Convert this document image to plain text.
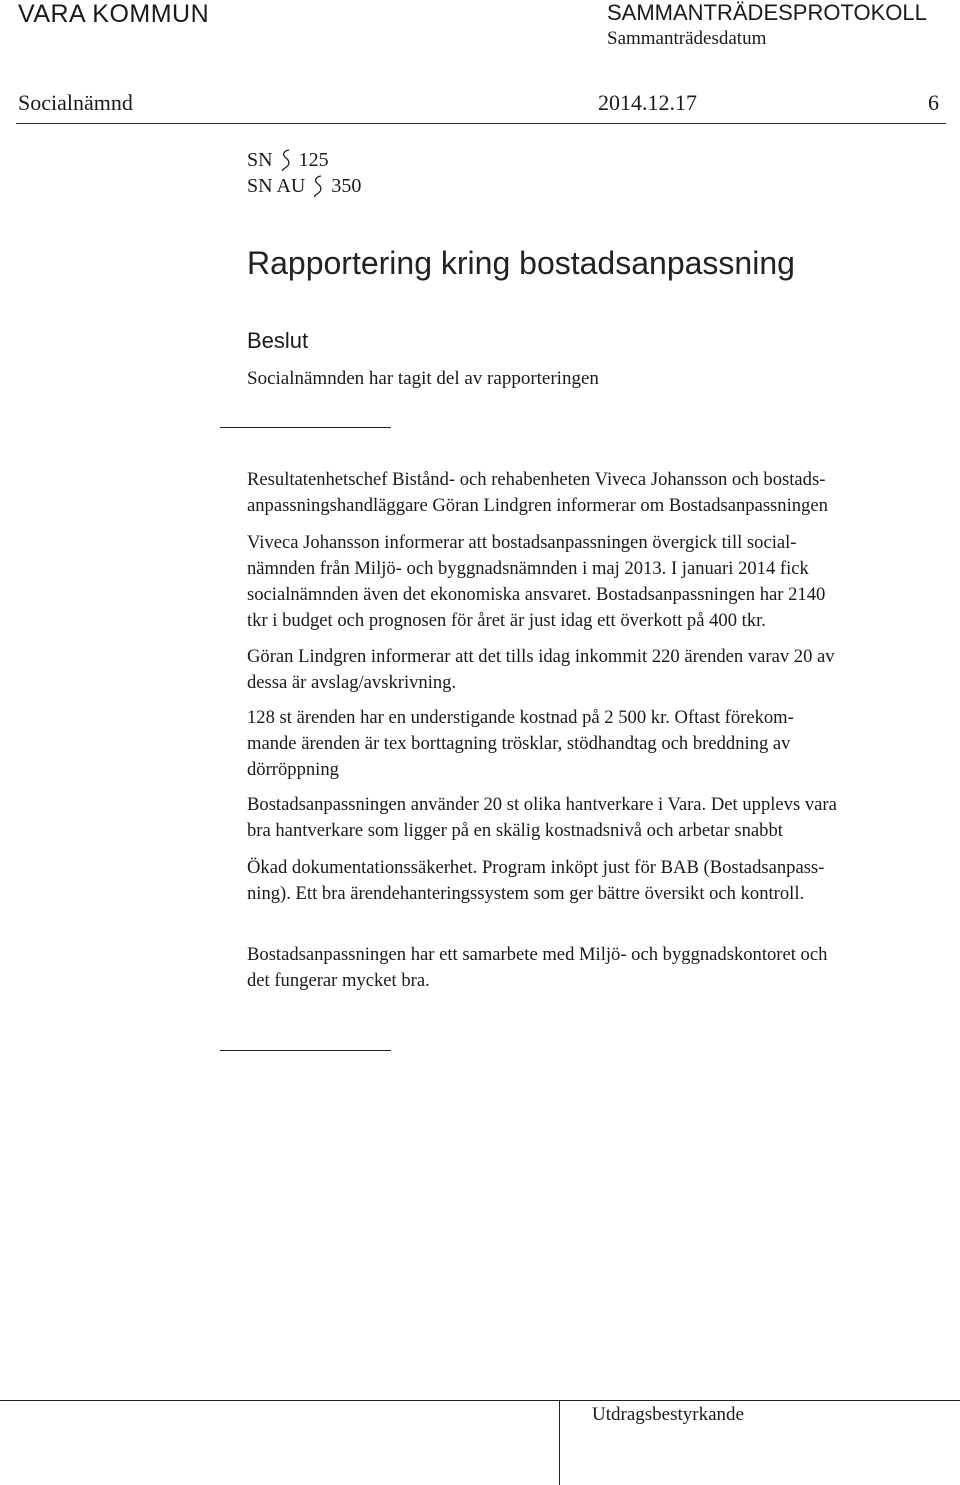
VARA KOMMUN	SAMMANTRÄDESPROTOKOLL
Sammanträdesdatum
Socialnämnd	2014.12.17	6
SN 125
SN AU 350
Rapportering kring bostadsanpassning
Beslut
Socialnämnden har tagit del av rapporteringen
Resultatenhetschef Bistånd- och rehabenheten Viveca Johansson och bostads-
anpassningshandläggare Göran Lindgren informerar om Bostadsanpassningen
Viveca Johansson informerar att bostadsanpassningen övergick till social-
nämnden från Miljö- och byggnadsnämnden i maj 2013. I januari 2014 fick
socialnämnden även det ekonomiska ansvaret. Bostadsanpassningen har 2140
tkr i budget och prognosen för året är just idag ett överkott på 400 tkr.
Göran Lindgren informerar att det tills idag inkommit 220 ärenden varav 20 av
dessa är avslag/avskrivning.
128 st ärenden har en understigande kostnad på 2 500 kr. Oftast förekom-
mande ärenden är tex borttagning trösklar, stödhandtag och breddning av
dörröppning
Bostadsanpassningen använder 20 st olika hantverkare i Vara. Det upplevs vara
bra hantverkare som ligger på en skälig kostnadsnivå och arbetar snabbt
Ökad dokumentationssäkerhet. Program inköpt just för BAB (Bostadsanpass-
ning). Ett bra ärendehanteringssystem som ger bättre översikt och kontroll.
Bostadsanpassningen har ett samarbete med Miljö- och byggnadskontoret och
det fungerar mycket bra.
Utdragsbestyrkande
